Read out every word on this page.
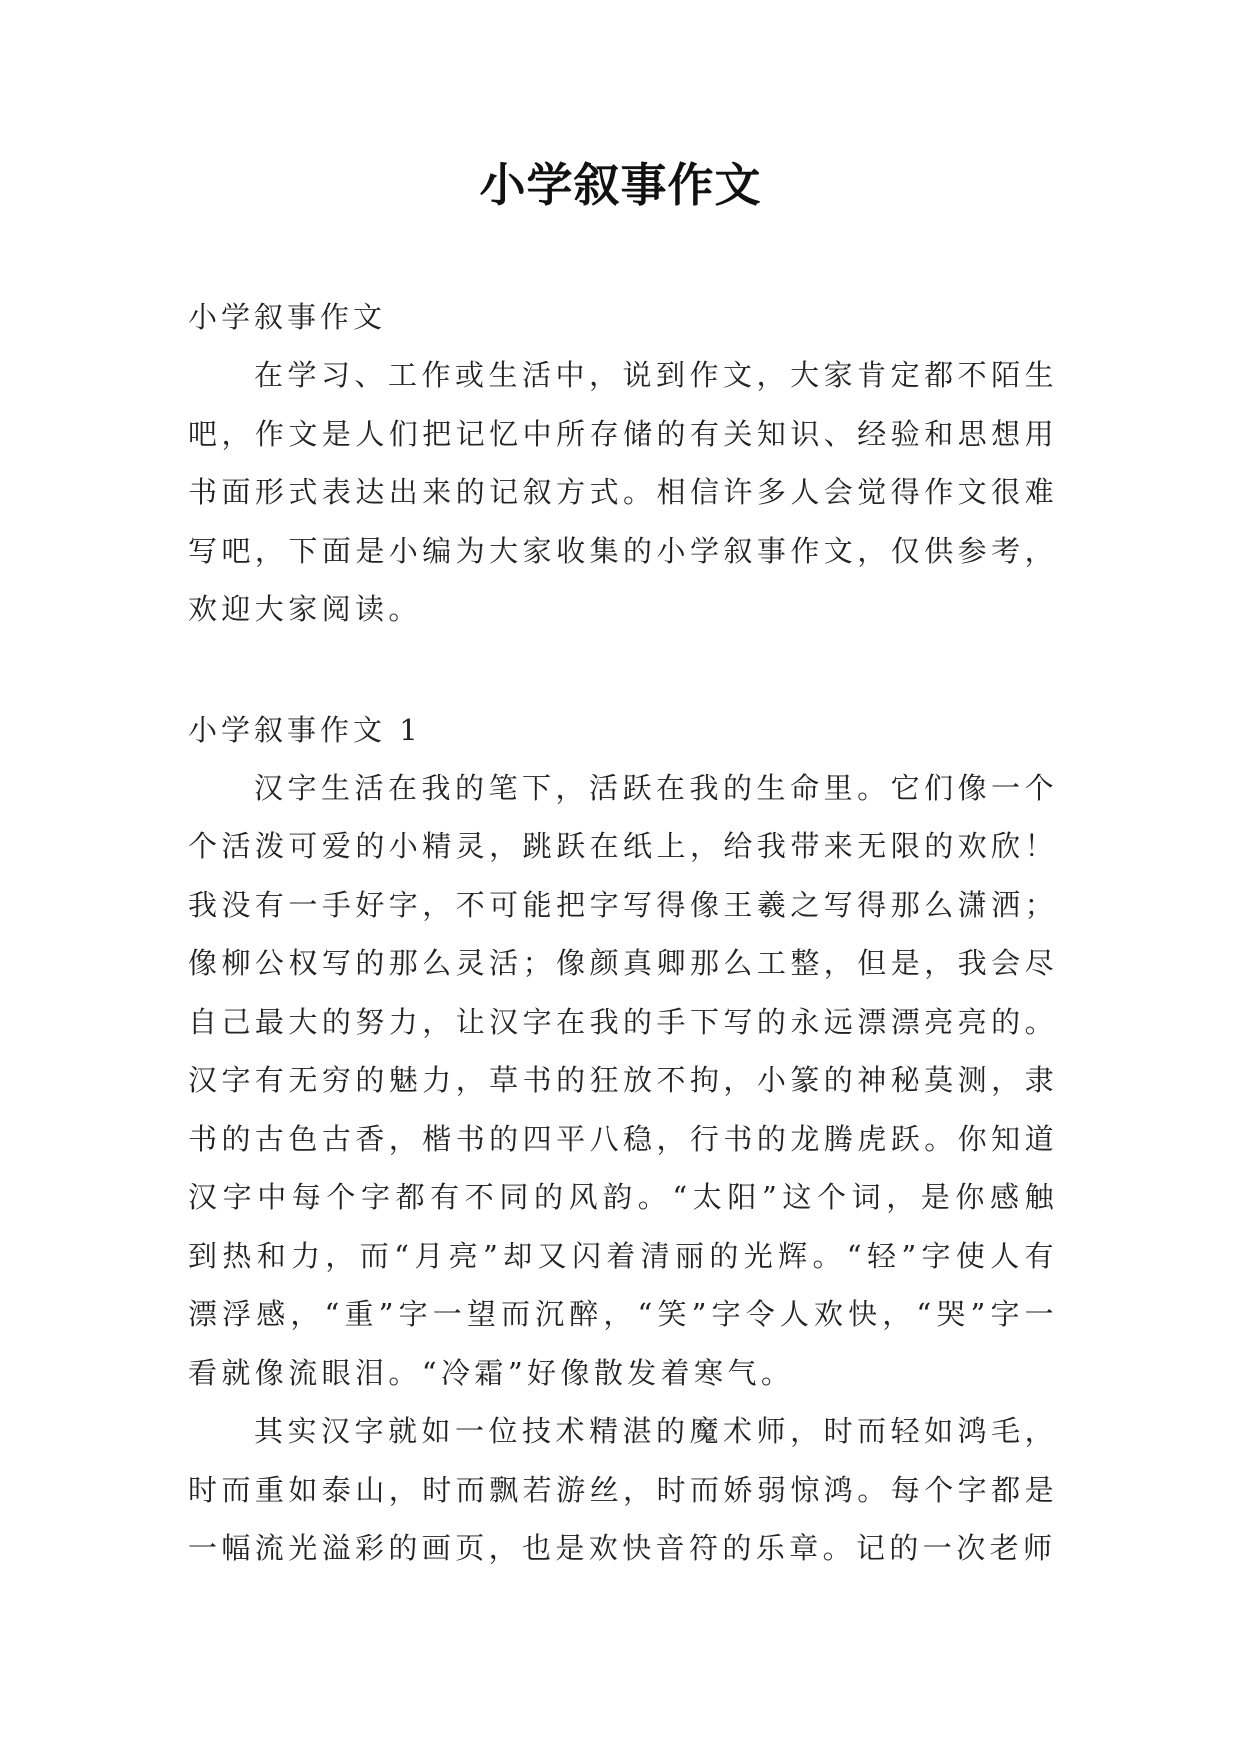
小学叙事作文

小学叙事作文

在学习、工作或生活中，说到作文，大家肯定都不陌生吧，作文是人们把记忆中所存储的有关知识、经验和思想用书面形式表达出来的记叙方式。相信许多人会觉得作文很难写吧，下面是小编为大家收集的小学叙事作文，仅供参考，欢迎大家阅读。

小学叙事作文 1

汉字生活在我的笔下，活跃在我的生命里。它们像一个个活泼可爱的小精灵，跳跃在纸上，给我带来无限的欢欣！我没有一手好字，不可能把字写得像王羲之写得那么潇洒；像柳公权写的那么灵活；像颜真卿那么工整，但是，我会尽自己最大的努力，让汉字在我的手下写的永远漂漂亮亮的。汉字有无穷的魅力，草书的狂放不拘，小篆的神秘莫测，隶书的古色古香，楷书的四平八稳，行书的龙腾虎跃。你知道汉字中每个字都有不同的风韵。“太阳”这个词，是你感触到热和力，而“月亮”却又闪着清丽的光辉。“轻”字使人有漂浮感，“重”字一望而沉醉，“笑”字令人欢快，“哭”字一看就像流眼泪。“冷霜”好像散发着寒气。

其实汉字就如一位技术精湛的魔术师，时而轻如鸿毛，时而重如泰山，时而飘若游丝，时而娇弱惊鸿。每个字都是一幅流光溢彩的画页，也是欢快音符的乐章。记的一次老师
